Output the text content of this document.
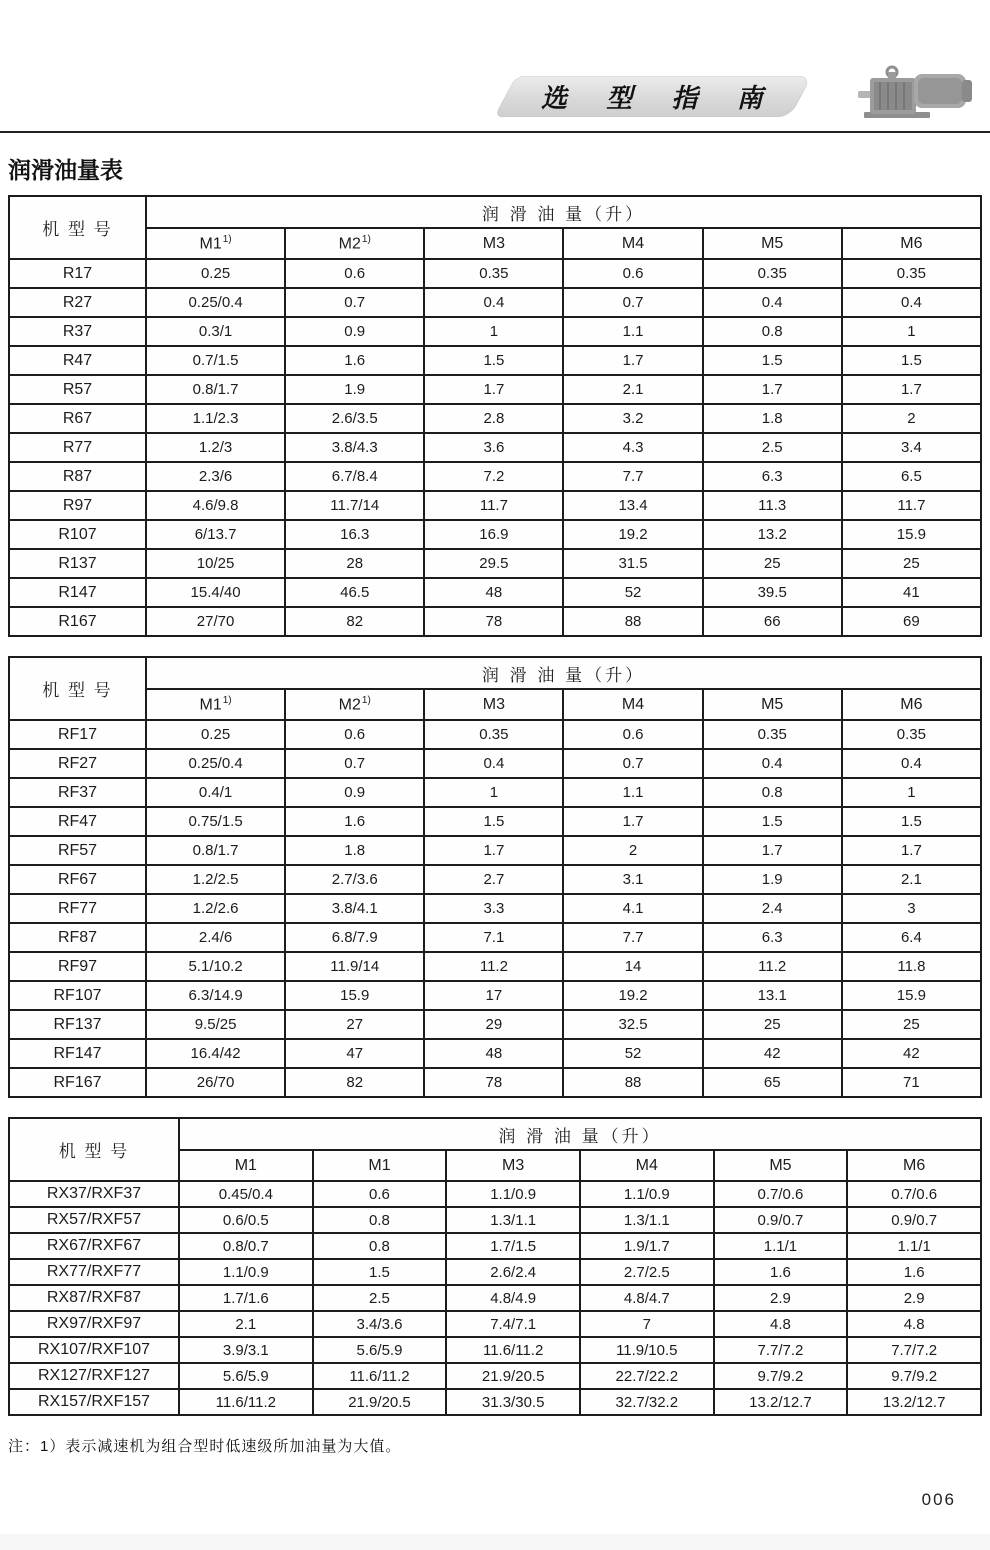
选 型 指 南
润滑油量表
机 型 号	润 滑 油 量（升）					
	M1$^{1)}$	M2$^{1)}$	M3	M4	M5	M6
R17	0.25	0.6	0.35	0.6	0.35	0.35
R27	0.25/0.4	0.7	0.4	0.7	0.4	0.4
R37	0.3/1	0.9	1	1.1	0.8	1
R47	0.7/1.5	1.6	1.5	1.7	1.5	1.5
R57	0.8/1.7	1.9	1.7	2.1	1.7	1.7
R67	1.1/2.3	2.6/3.5	2.8	3.2	1.8	2
R77	1.2/3	3.8/4.3	3.6	4.3	2.5	3.4
R87	2.3/6	6.7/8.4	7.2	7.7	6.3	6.5
R97	4.6/9.8	11.7/14	11.7	13.4	11.3	11.7
R107	6/13.7	16.3	16.9	19.2	13.2	15.9
R137	10/25	28	29.5	31.5	25	25
R147	15.4/40	46.5	48	52	39.5	41
R167	27/70	82	78	88	66	69
机 型 号	润 滑 油 量（升）					
	M1$^{1)}$	M2$^{1)}$	M3	M4	M5	M6
RF17	0.25	0.6	0.35	0.6	0.35	0.35
RF27	0.25/0.4	0.7	0.4	0.7	0.4	0.4
RF37	0.4/1	0.9	1	1.1	0.8	1
RF47	0.75/1.5	1.6	1.5	1.7	1.5	1.5
RF57	0.8/1.7	1.8	1.7	2	1.7	1.7
RF67	1.2/2.5	2.7/3.6	2.7	3.1	1.9	2.1
RF77	1.2/2.6	3.8/4.1	3.3	4.1	2.4	3
RF87	2.4/6	6.8/7.9	7.1	7.7	6.3	6.4
RF97	5.1/10.2	11.9/14	11.2	14	11.2	11.8
RF107	6.3/14.9	15.9	17	19.2	13.1	15.9
RF137	9.5/25	27	29	32.5	25	25
RF147	16.4/42	47	48	52	42	42
RF167	26/70	82	78	88	65	71
机 型 号	润 滑 油 量（升）					
	M1	M1	M3	M4	M5	M6
RX37/RXF37	0.45/0.4	0.6	1.1/0.9	1.1/0.9	0.7/0.6	0.7/0.6
RX57/RXF57	0.6/0.5	0.8	1.3/1.1	1.3/1.1	0.9/0.7	0.9/0.7
RX67/RXF67	0.8/0.7	0.8	1.7/1.5	1.9/1.7	1.1/1	1.1/1
RX77/RXF77	1.1/0.9	1.5	2.6/2.4	2.7/2.5	1.6	1.6
RX87/RXF87	1.7/1.6	2.5	4.8/4.9	4.8/4.7	2.9	2.9
RX97/RXF97	2.1	3.4/3.6	7.4/7.1	7	4.8	4.8
RX107/RXF107	3.9/3.1	5.6/5.9	11.6/11.2	11.9/10.5	7.7/7.2	7.7/7.2
RX127/RXF127	5.6/5.9	11.6/11.2	21.9/20.5	22.7/22.2	9.7/9.2	9.7/9.2
RX157/RXF157	11.6/11.2	21.9/20.5	31.3/30.5	32.7/32.2	13.2/12.7	13.2/12.7
注：1）表示减速机为组合型时低速级所加油量为大值。
006
